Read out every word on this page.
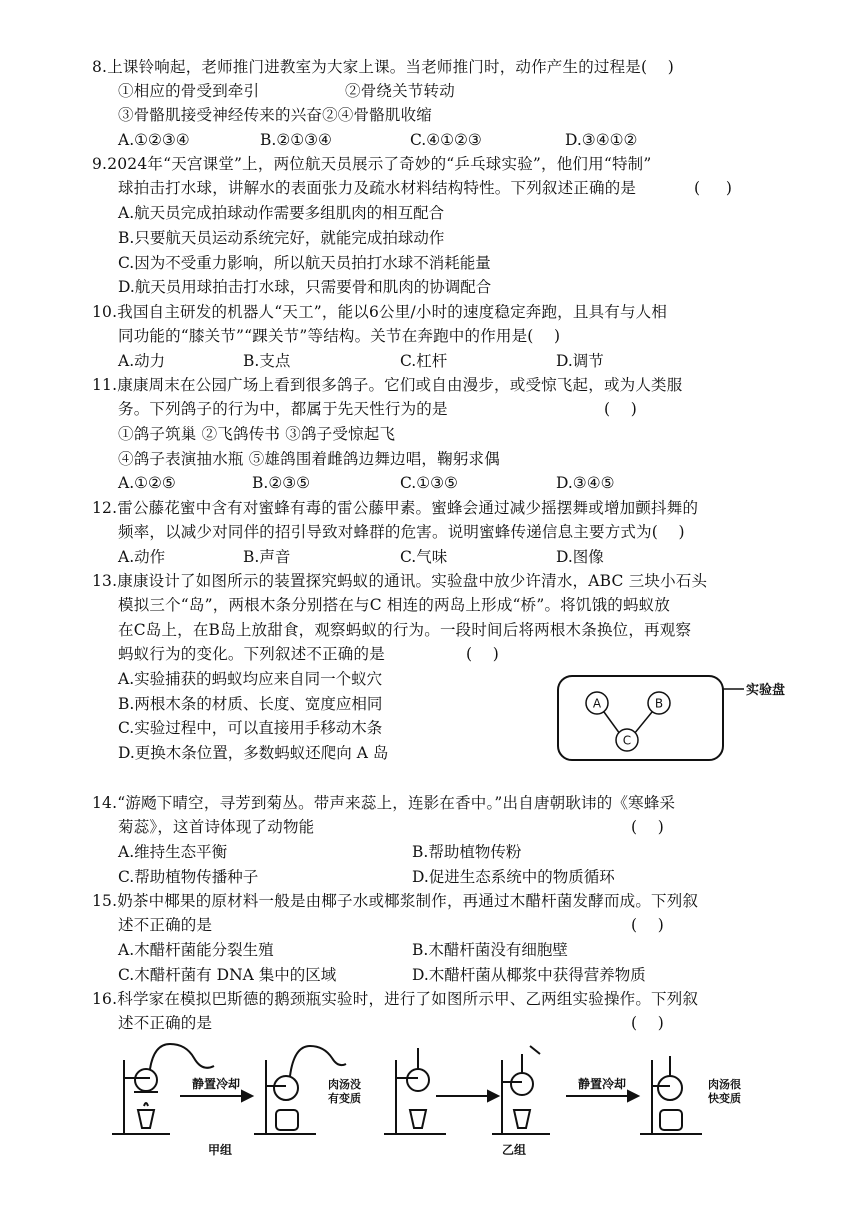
8.上课铃响起，老师推门进教室为大家上课。当老师推门时，动作产生的过程是(    )
①相应的骨受到牵引	②骨绕关节转动
③骨骼肌接受神经传来的兴奋②④骨骼肌收缩
A.①②③④	B.②①③④	C.④①②③	D.③④①②
9.2024年“天宫课堂”上，两位航天员展示了奇妙的“乒乓球实验”，他们用“特制”
球拍击打水球，讲解水的表面张力及疏水材料结构特性。下列叙述正确的是	(     )
A.航天员完成拍球动作需要多组肌肉的相互配合
B.只要航天员运动系统完好，就能完成拍球动作
C.因为不受重力影响，所以航天员拍打水球不消耗能量
D.航天员用球拍击打水球，只需要骨和肌肉的协调配合
10.我国自主研发的机器人“天工”，能以6公里/小时的速度稳定奔跑，且具有与人相
同功能的“膝关节”“踝关节”等结构。关节在奔跑中的作用是(    )
A.动力	B.支点	C.杠杆	D.调节
11.康康周末在公园广场上看到很多鸽子。它们或自由漫步，或受惊飞起，或为人类服
务。下列鸽子的行为中，都属于先天性行为的是	(    )
①鸽子筑巢 ②飞鸽传书 ③鸽子受惊起飞
④鸽子表演抽水瓶 ⑤雄鸽围着雌鸽边舞边唱，鞠躬求偶
A.①②⑤	B.②③⑤	C.①③⑤	D.③④⑤
12.雷公藤花蜜中含有对蜜蜂有毒的雷公藤甲素。蜜蜂会通过减少摇摆舞或增加颤抖舞的
频率，以减少对同伴的招引导致对蜂群的危害。说明蜜蜂传递信息主要方式为(    )
A.动作	B.声音	C.气味	D.图像
13.康康设计了如图所示的装置探究蚂蚁的通讯。实验盘中放少许清水，ABC 三块小石头
模拟三个“岛”，两根木条分别搭在与C 相连的两岛上形成“桥”。将饥饿的蚂蚁放
在C岛上，在B岛上放甜食，观察蚂蚁的行为。一段时间后将两根木条换位，再观察
蚂蚁行为的变化。下列叙述不正确的是	(    )
A.实验捕获的蚂蚁均应来自同一个蚁穴
B.两根木条的材质、长度、宽度应相同
C.实验过程中，可以直接用手移动木条
D.更换木条位置，多数蚂蚁还爬向 A 岛
实验盘
A	B
C
14.“游飏下晴空，寻芳到菊丛。带声来蕊上，连影在香中。”出自唐朝耿讳的《寒蜂采
菊蕊》，这首诗体现了动物能	(    )
A.维持生态平衡	B.帮助植物传粉
C.帮助植物传播种子	D.促进生态系统中的物质循环
15.奶茶中椰果的原材料一般是由椰子水或椰浆制作，再通过木醋杆菌发酵而成。下列叙
述不正确的是	(    )
A.木醋杆菌能分裂生殖	B.木醋杆菌没有细胞壁
C.木醋杆菌有 DNA 集中的区域	D.木醋杆菌从椰浆中获得营养物质
16.科学家在模拟巴斯德的鹅颈瓶实验时，进行了如图所示甲、乙两组实验操作。下列叙
述不正确的是	(    )
静置冷却	肉汤没
有变质
静置冷却	肉汤很
快变质
甲组	乙组
